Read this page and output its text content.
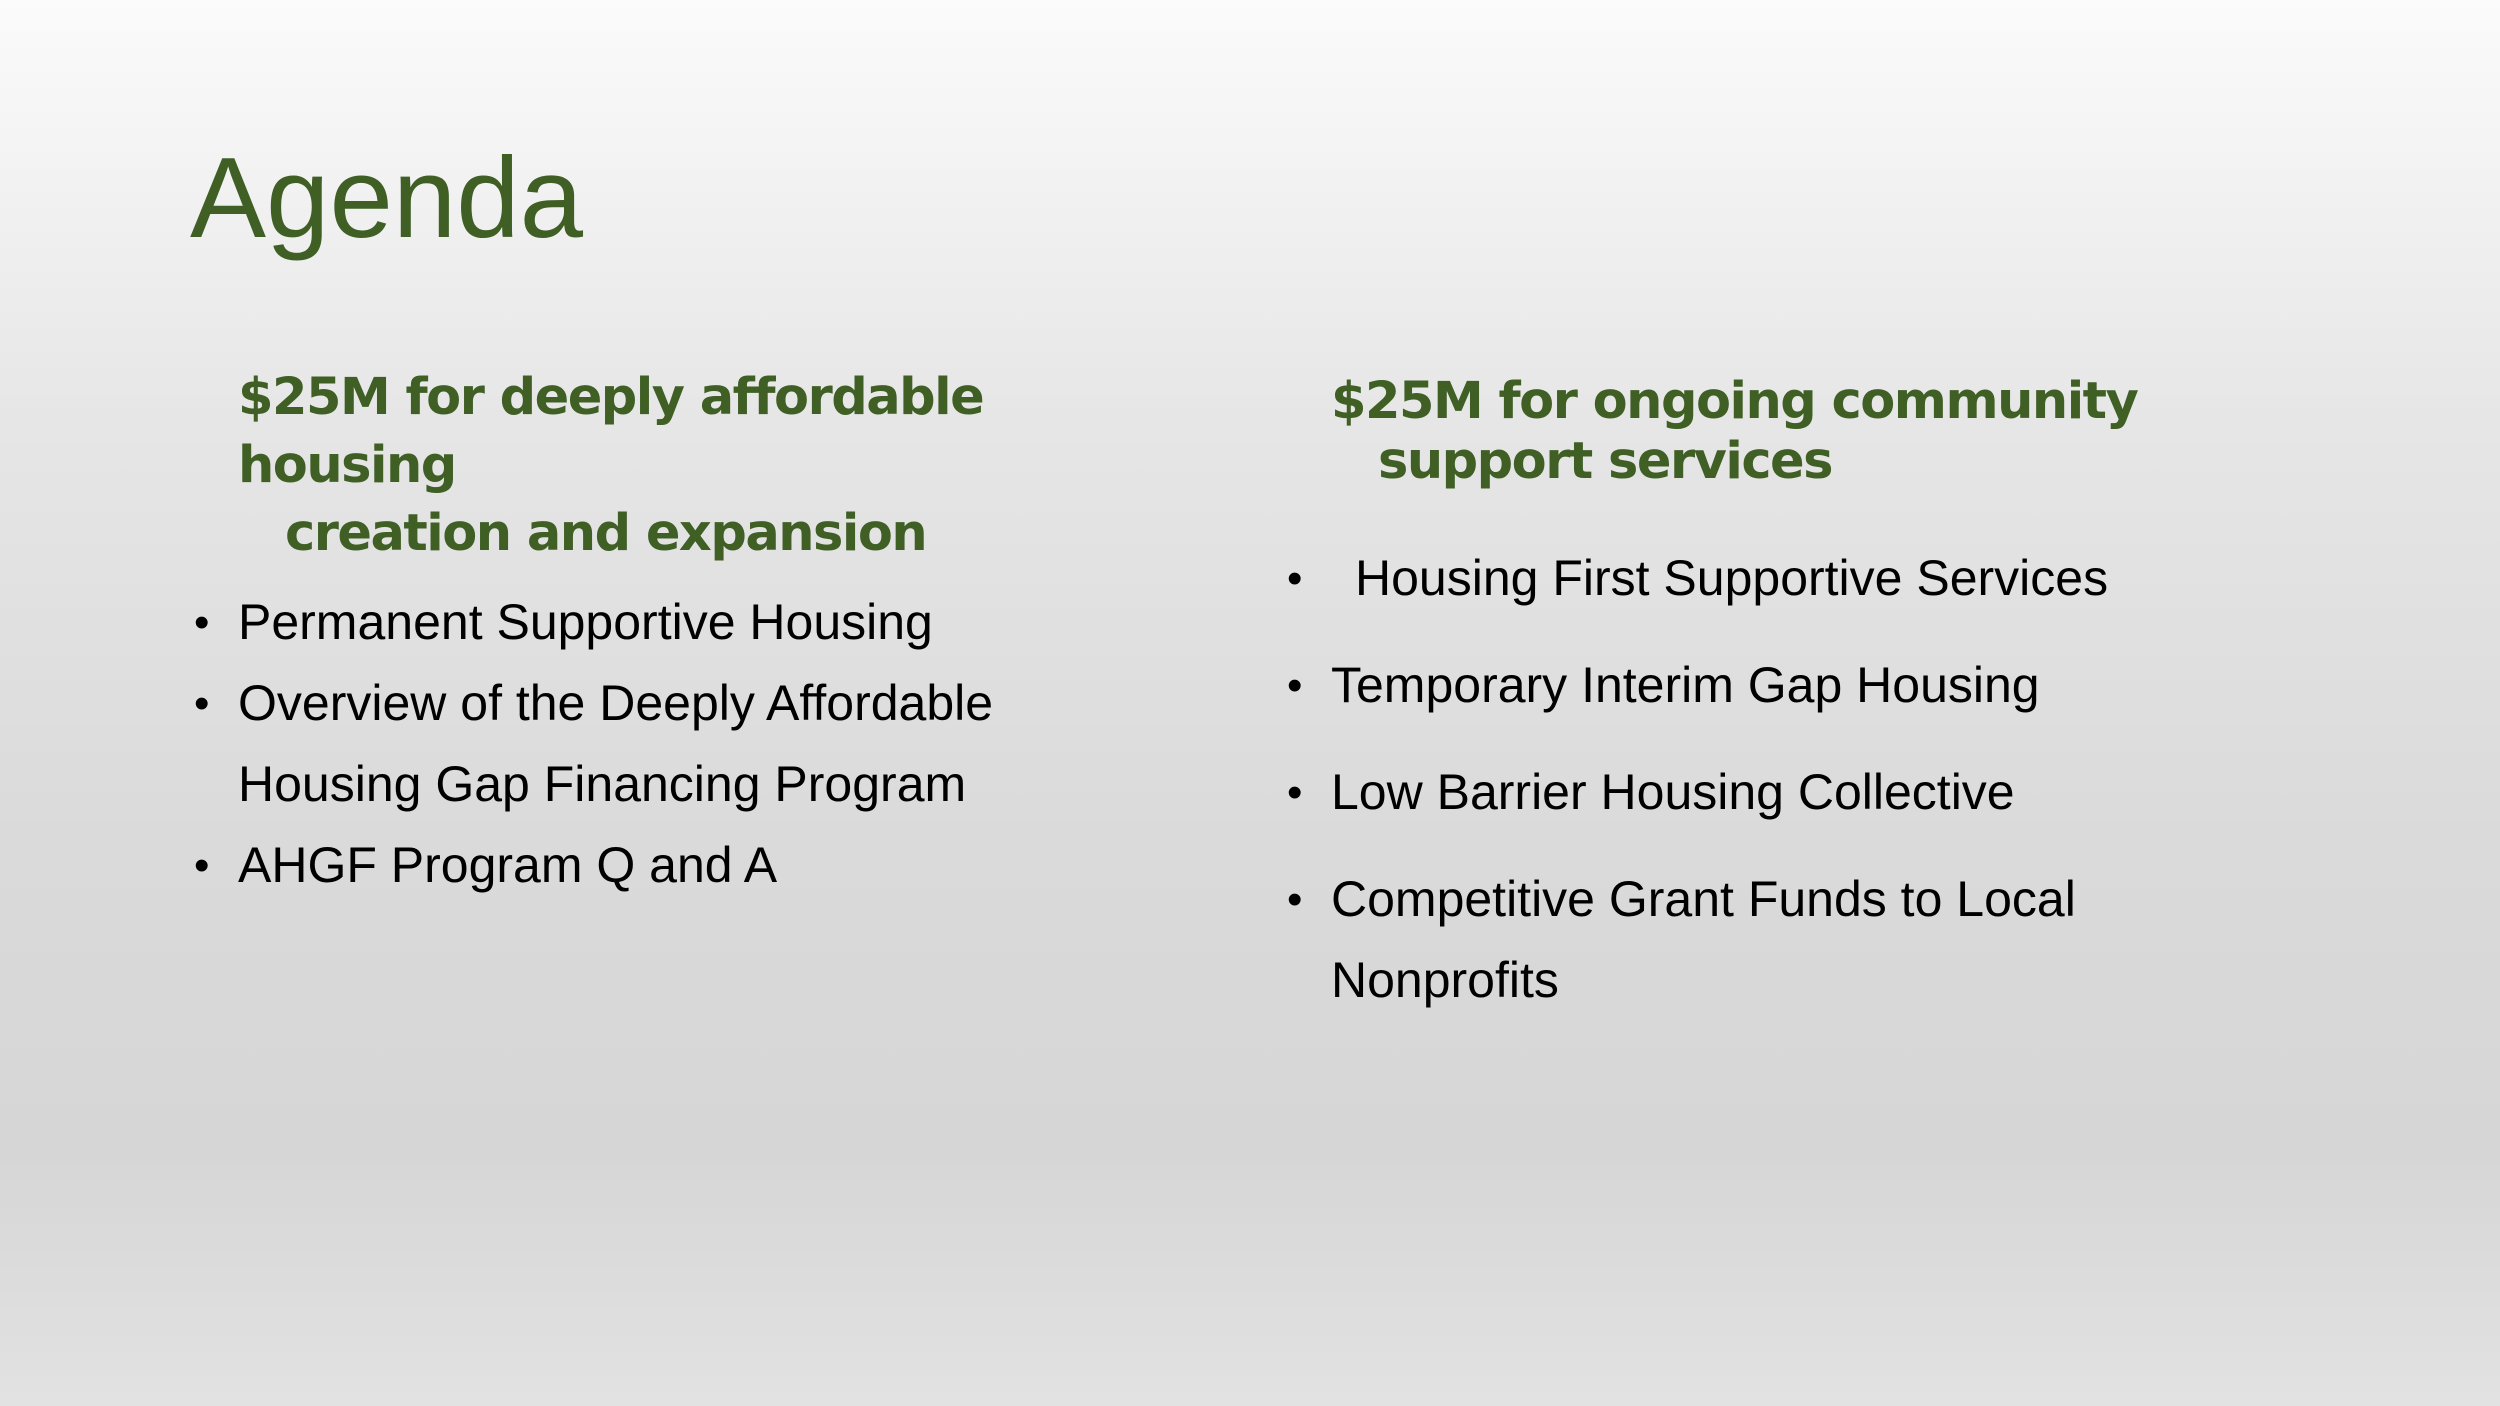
Agenda

$25M for deeply affordable housing
creation and expansion

• Permanent Supportive Housing
• Overview of the Deeply Affordable Housing Gap Financing Program
• AHGF Program Q and A

$25M for ongoing community
support services

• Housing First Supportive Services
• Temporary Interim Gap Housing
• Low Barrier Housing Collective
• Competitive Grant Funds to Local Nonprofits
